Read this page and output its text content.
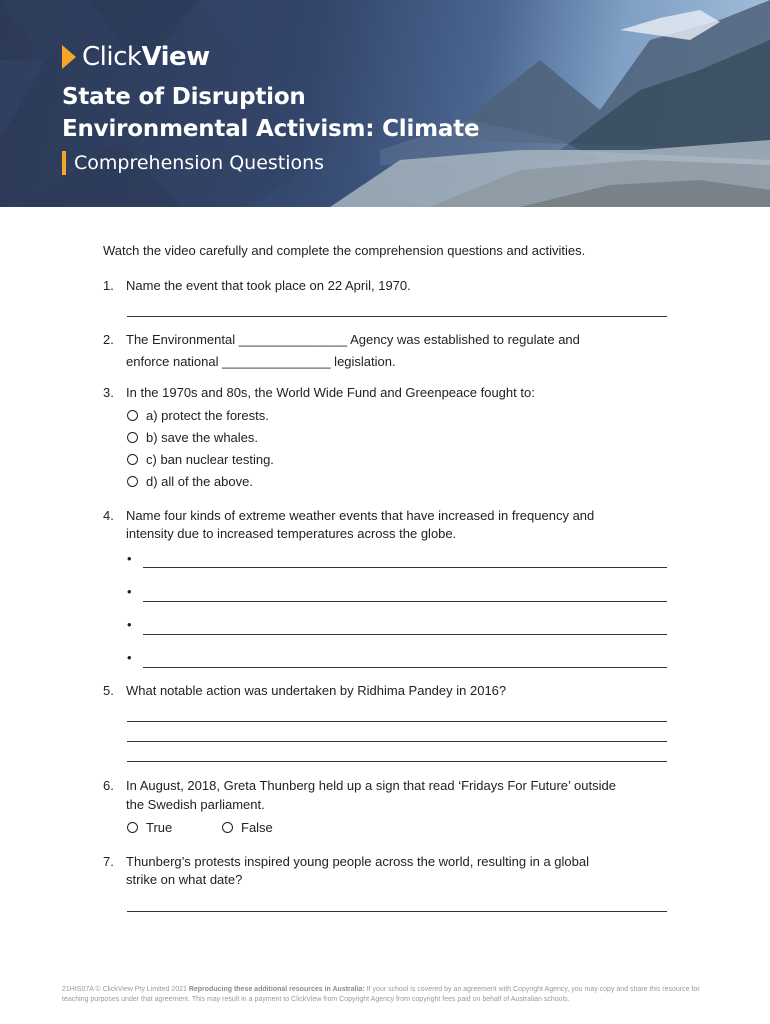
ClickView
State of Disruption
Environmental Activism: Climate
Comprehension Questions
Watch the video carefully and complete the comprehension questions and activities.
1. Name the event that took place on 22 April, 1970.
2. The Environmental _______________ Agency was established to regulate and
enforce national _______________ legislation.
3. In the 1970s and 80s, the World Wide Fund and Greenpeace fought to:
a) protect the forests.
b) save the whales.
c) ban nuclear testing.
d) all of the above.
4. Name four kinds of extreme weather events that have increased in frequency and
intensity due to increased temperatures across the globe.
•
•
•
•
5. What notable action was undertaken by Ridhima Pandey in 2016?
6. In August, 2018, Greta Thunberg held up a sign that read ‘Fridays For Future’ outside
the Swedish parliament.
True	False
7. Thunberg’s protests inspired young people across the world, resulting in a global
strike on what date?
21HIS07A © ClickView Pty Limited 2021 Reproducing these additional resources in Australia: If your school is covered by an agreement with Copyright Agency, you may copy and share this resource for teaching purposes under that agreement. This may result in a payment to ClickView from Copyright Agency from copyright fees paid on behalf of Australian schools.
